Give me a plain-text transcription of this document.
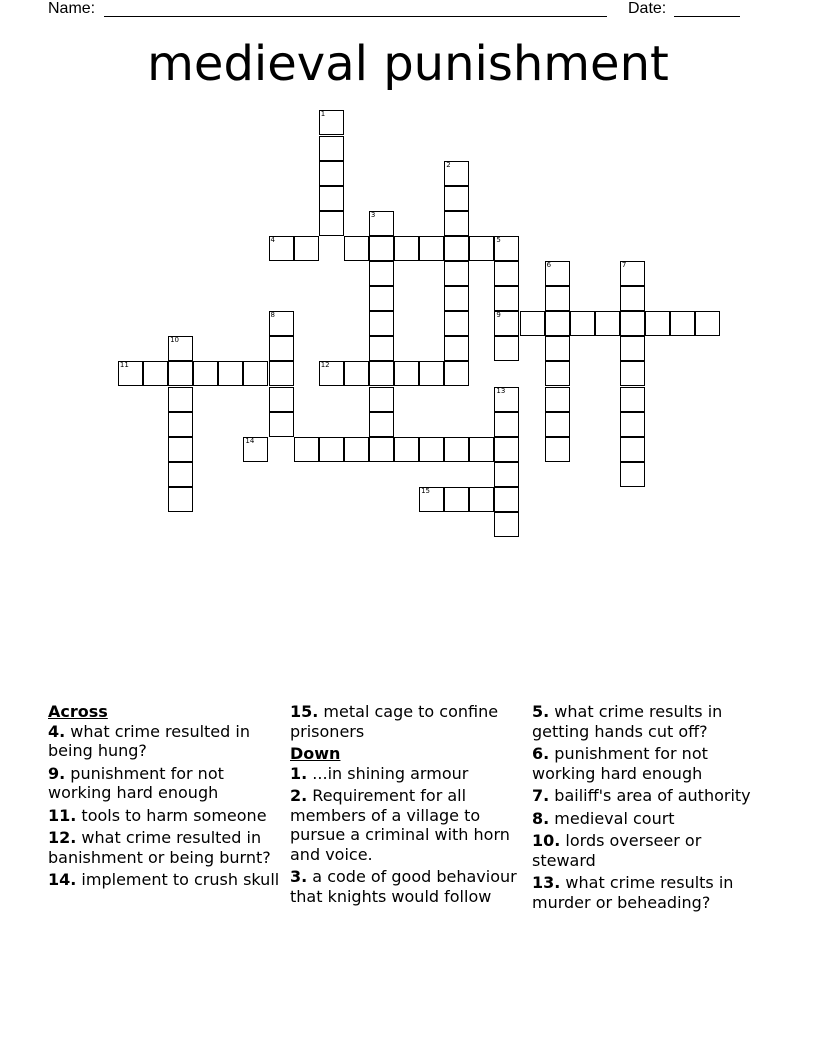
Name:	Date:
medieval punishment
1
2
3
4	5
6	7
8	9
10
11	12
13
14
15

Across

4. what crime resulted in being hung?

9. punishment for not working hard enough

11. tools to harm someone

12. what crime resulted in banishment or being burnt?

14. implement to crush skull

15. metal cage to confine prisoners

Down

1. ...in shining armour

2. Requirement for all members of a village to pursue a criminal with horn and voice.

3. a code of good behaviour that knights would follow

5. what crime results in getting hands cut off?

6. punishment for not working hard enough

7. bailiff's area of authority

8. medieval court

10. lords overseer or steward

13. what crime results in murder or beheading?
